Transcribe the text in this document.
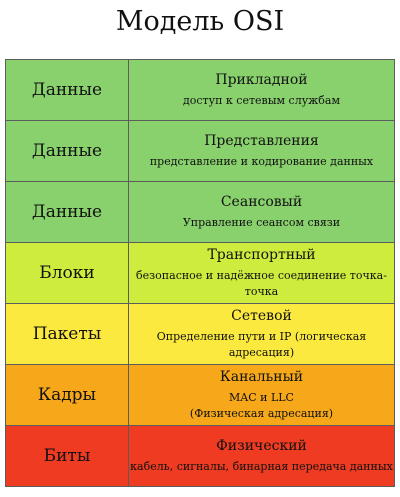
Модель OSI
Данные	Прикладной
доступ к сетевым службам

Данные	Представления
представление и кодирование данных

Данные	Сеансовый
Управление сеансом связи

Блоки	Транспортный
безопасное и надёжное соединение точка-точка

Пакеты	Сетевой
Определение пути и IP (логическая адресация)

Кадры	Канальный
MAC и LLC
(Физическая адресация)

Биты	Физический
кабель, сигналы, бинарная передача данных
